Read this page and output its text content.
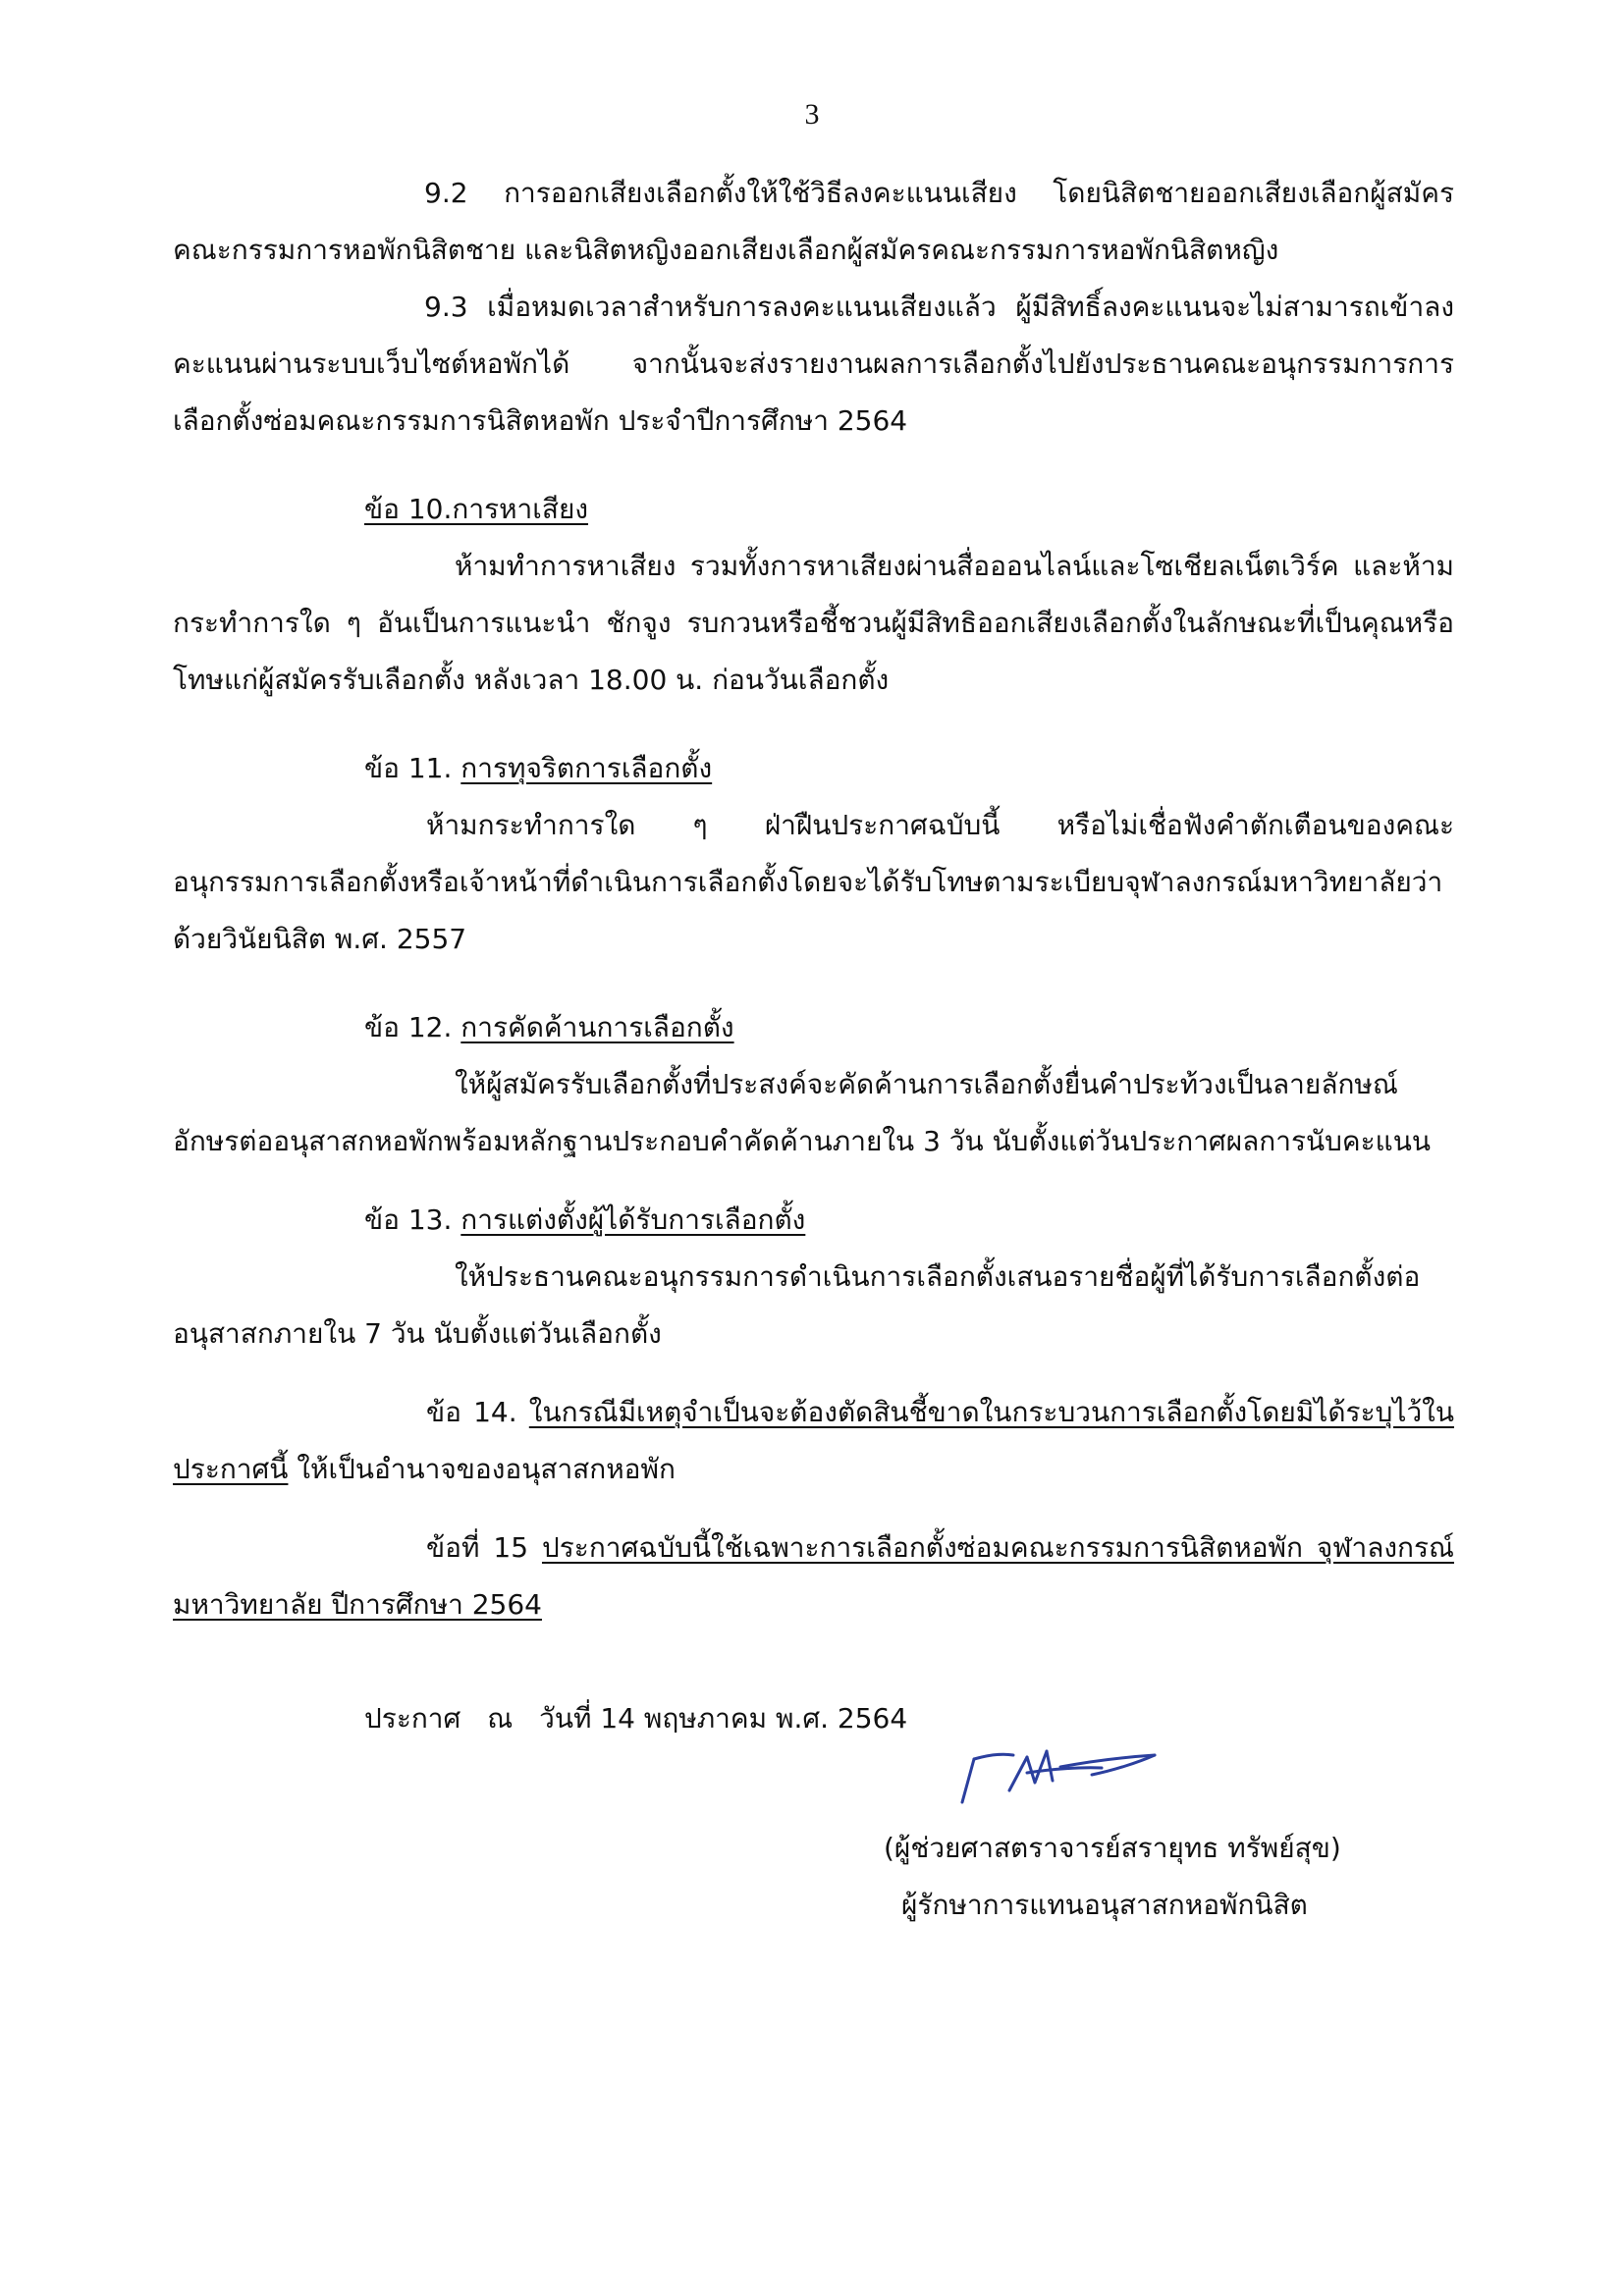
3
9.2 การออกเสียงเลือกตั้งให้ใช้วิธีลงคะแนนเสียง โดยนิสิตชายออกเสียงเลือกผู้สมัครคณะกรรมการหอพักนิสิตชาย และนิสิตหญิงออกเสียงเลือกผู้สมัครคณะกรรมการหอพักนิสิตหญิง
9.3 เมื่อหมดเวลาสำหรับการลงคะแนนเสียงแล้ว ผู้มีสิทธิ์ลงคะแนนจะไม่สามารถเข้าลงคะแนนผ่านระบบเว็บไซต์หอพักได้ จากนั้นจะส่งรายงานผลการเลือกตั้งไปยังประธานคณะอนุกรรมการการเลือกตั้งซ่อมคณะกรรมการนิสิตหอพัก ประจำปีการศึกษา 2564
ข้อ 10.การหาเสียง
ห้ามทำการหาเสียง รวมทั้งการหาเสียงผ่านสื่อออนไลน์และโซเชียลเน็ตเวิร์ค และห้ามกระทำการใด ๆ อันเป็นการแนะนำ ชักจูง รบกวนหรือชี้ชวนผู้มีสิทธิออกเสียงเลือกตั้งในลักษณะที่เป็นคุณหรือโทษแก่ผู้สมัครรับเลือกตั้ง หลังเวลา 18.00 น. ก่อนวันเลือกตั้ง
ข้อ 11. การทุจริตการเลือกตั้ง
ห้ามกระทำการใด ๆ ฝ่าฝืนประกาศฉบับนี้ หรือไม่เชื่อฟังคำตักเตือนของคณะอนุกรรมการเลือกตั้งหรือเจ้าหน้าที่ดำเนินการเลือกตั้งโดยจะได้รับโทษตามระเบียบจุฬาลงกรณ์มหาวิทยาลัยว่าด้วยวินัยนิสิต พ.ศ. 2557
ข้อ 12. การคัดค้านการเลือกตั้ง
ให้ผู้สมัครรับเลือกตั้งที่ประสงค์จะคัดค้านการเลือกตั้งยื่นคำประท้วงเป็นลายลักษณ์อักษรต่ออนุสาสกหอพักพร้อมหลักฐานประกอบคำคัดค้านภายใน 3 วัน นับตั้งแต่วันประกาศผลการนับคะแนน
ข้อ 13. การแต่งตั้งผู้ได้รับการเลือกตั้ง
ให้ประธานคณะอนุกรรมการดำเนินการเลือกตั้งเสนอรายชื่อผู้ที่ได้รับการเลือกตั้งต่ออนุสาสกภายใน 7 วัน นับตั้งแต่วันเลือกตั้ง
ข้อ 14. ในกรณีมีเหตุจำเป็นจะต้องตัดสินชี้ขาดในกระบวนการเลือกตั้งโดยมิได้ระบุไว้ในประกาศนี้ ให้เป็นอำนาจของอนุสาสกหอพัก
ข้อที่ 15 ประกาศฉบับนี้ใช้เฉพาะการเลือกตั้งซ่อมคณะกรรมการนิสิตหอพัก จุฬาลงกรณ์มหาวิทยาลัย ปีการศึกษา 2564
ประกาศ ณ วันที่ 14 พฤษภาคม พ.ศ. 2564
(ผู้ช่วยศาสตราจารย์สรายุทธ ทรัพย์สุข)
ผู้รักษาการแทนอนุสาสกหอพักนิสิต
